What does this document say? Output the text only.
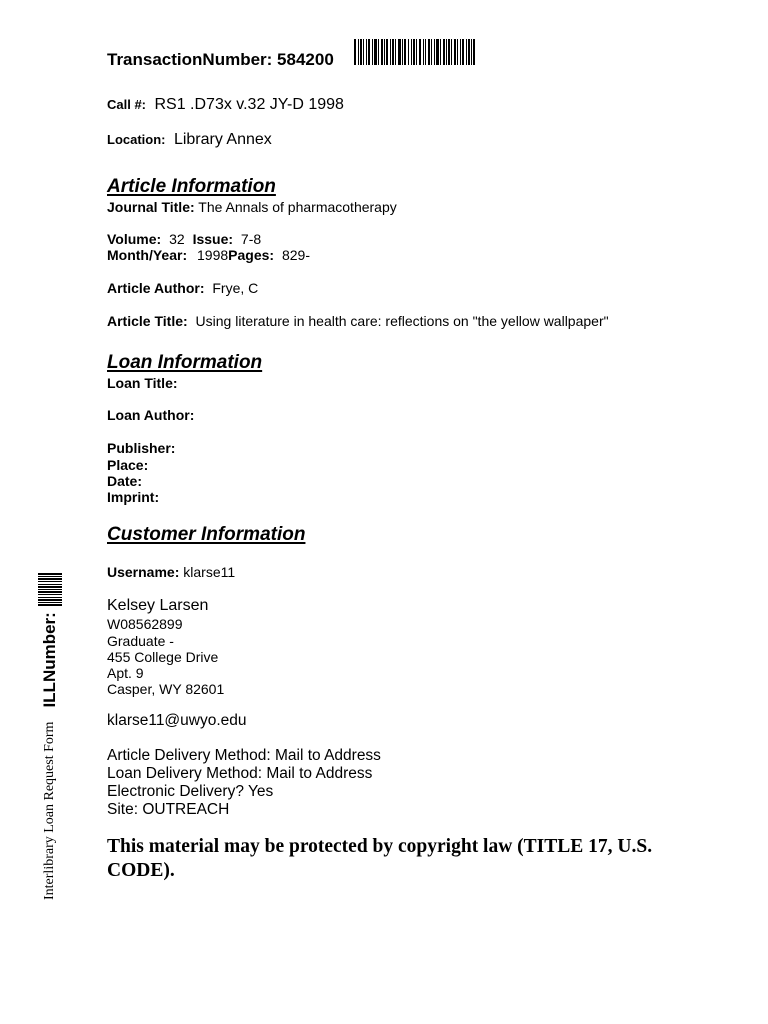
TransactionNumber: 584200
Call #: RS1 .D73x v.32 JY-D 1998
Location: Library Annex
Article Information
Journal Title: The Annals of pharmacotherapy
Volume: 32 Issue: 7-8
Month/Year: 1998Pages: 829-
Article Author: Frye, C
Article Title: Using literature in health care: reflections on "the yellow wallpaper"
Loan Information
Loan Title:
Loan Author:
Publisher:
Place:
Date:
Imprint:
Customer Information
Username: klarse11
Kelsey Larsen
W08562899
Graduate -
455 College Drive
Apt. 9
Casper, WY 82601
klarse11@uwyo.edu
Article Delivery Method: Mail to Address
Loan Delivery Method: Mail to Address
Electronic Delivery? Yes
Site: OUTREACH
This material may be protected by copyright law (TITLE 17, U.S. CODE).
Interlibrary Loan Request Form
ILLNumber:
